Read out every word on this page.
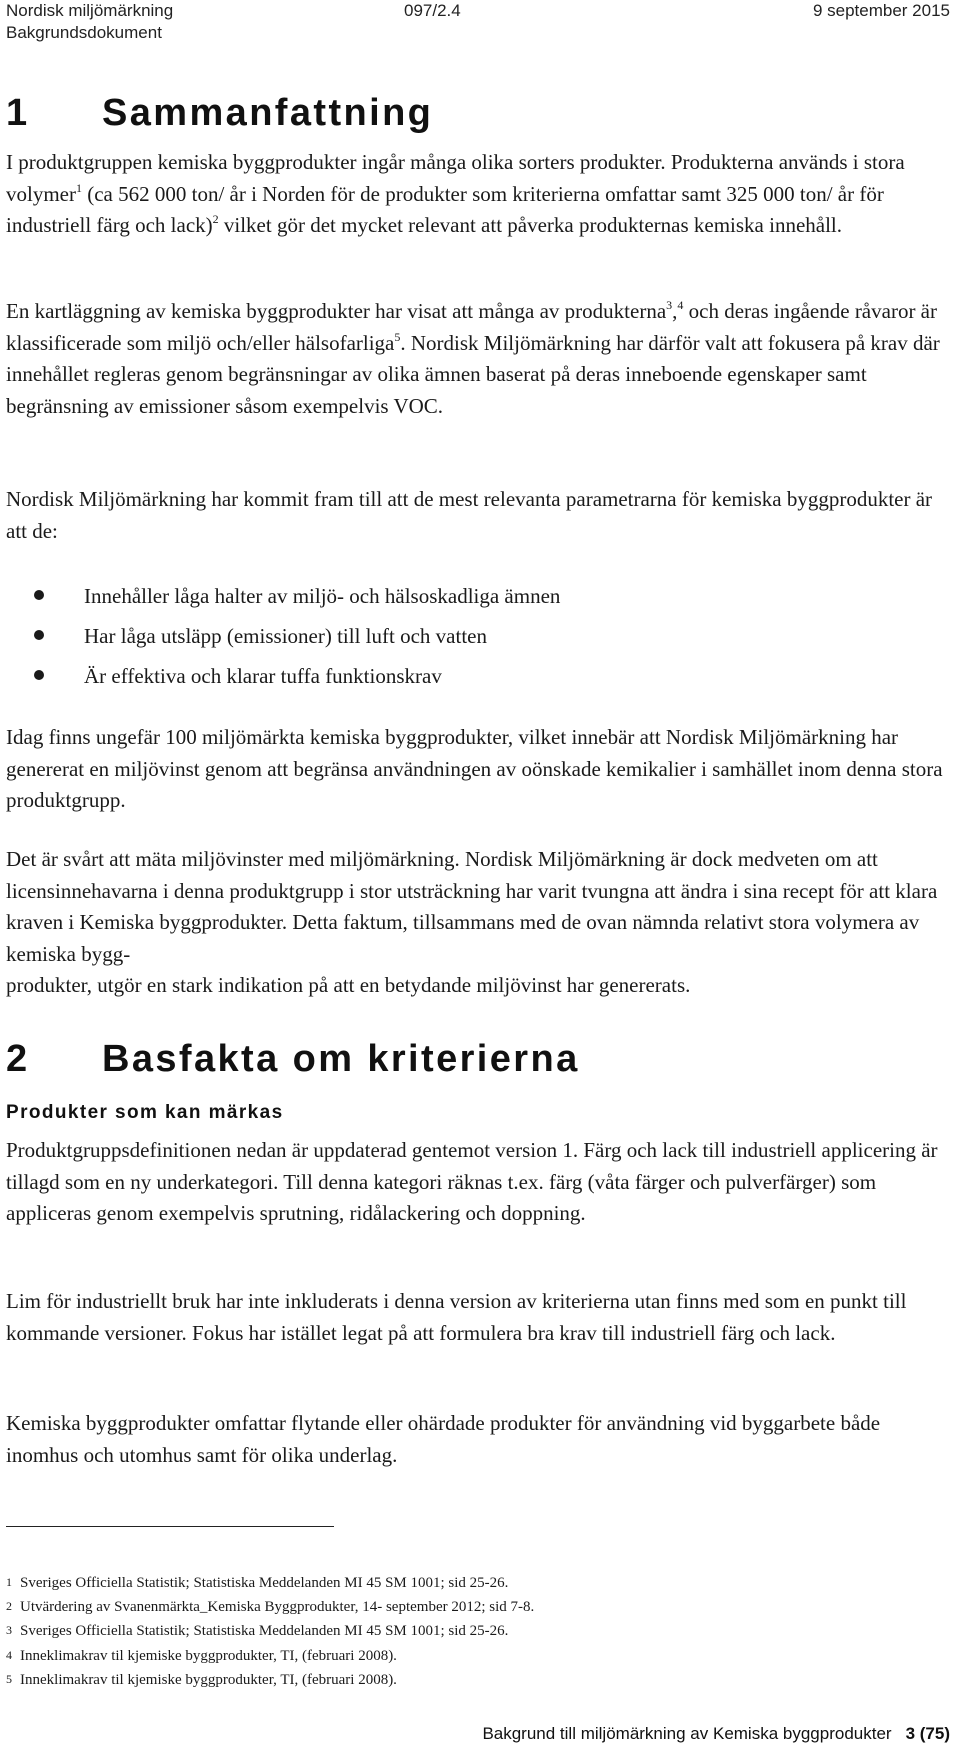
Nordisk miljömärkning	9 september 2015
097/2.4
Bakgrundsdokument
1 Sammanfattning

I produktgruppen kemiska byggprodukter ingår många olika sorters produkter. Produkterna används i stora volymer$^1$ (ca 562 000 ton/ år i Norden för de produkter som kriterierna omfattar samt 325 000 ton/ år för industriell färg och lack)$^2$ vilket gör det mycket relevant att påverka produkternas kemiska innehåll.

En kartläggning av kemiska byggprodukter har visat att många av produkterna$^3$,$^4$ och deras ingående råvaror är klassificerade som miljö och/eller hälsofarliga$^5$. Nordisk Miljömärkning har därför valt att fokusera på krav där innehållet regleras genom begränsningar av olika ämnen baserat på deras inneboende egenskaper samt begränsning av emissioner såsom exempelvis VOC.

Nordisk Miljömärkning har kommit fram till att de mest relevanta parametrarna för kemiska byggprodukter är att de:

Innehåller låga halter av miljö- och hälsoskadliga ämnen
Har låga utsläpp (emissioner) till luft och vatten
Är effektiva och klarar tuffa funktionskrav

Idag finns ungefär 100 miljömärkta kemiska byggprodukter, vilket innebär att Nordisk Miljömärkning har genererat en miljövinst genom att begränsa användningen av oönskade kemikalier i samhället inom denna stora produktgrupp.

Det är svårt att mäta miljövinster med miljömärkning. Nordisk Miljömärkning är dock medveten om att licensinnehavarna i denna produktgrupp i stor utsträckning har varit tvungna att ändra i sina recept för att klara kraven i Kemiska byggprodukter. Detta faktum, tillsammans med de ovan nämnda relativt stora volymera av kemiska bygg-
produkter, utgör en stark indikation på att en betydande miljövinst har genererats.

2 Basfakta om kriterierna
Produkter som kan märkas

Produktgruppsdefinitionen nedan är uppdaterad gentemot version 1. Färg och lack till industriell applicering är tillagd som en ny underkategori. Till denna kategori räknas t.ex. färg (våta färger och pulverfärger) som appliceras genom exempelvis sprutning, ridålackering och doppning.

Lim för industriellt bruk har inte inkluderats i denna version av kriterierna utan finns med som en punkt till kommande versioner. Fokus har istället legat på att formulera bra krav till industriell färg och lack.

Kemiska byggprodukter omfattar flytande eller ohärdade produkter för användning vid byggarbete både inomhus och utomhus samt för olika underlag.

1 Sveriges Officiella Statistik; Statistiska Meddelanden MI 45 SM 1001; sid 25-26.
2 Utvärdering av Svanenmärkta_Kemiska Byggprodukter, 14- september 2012; sid 7-8.
3 Sveriges Officiella Statistik; Statistiska Meddelanden MI 45 SM 1001; sid 25-26.
4 Inneklimakrav til kjemiske byggprodukter, TI, (februari 2008).
5 Inneklimakrav til kjemiske byggprodukter, TI, (februari 2008).
Bakgrund till miljömärkning av Kemiska byggprodukter 3 (75)
